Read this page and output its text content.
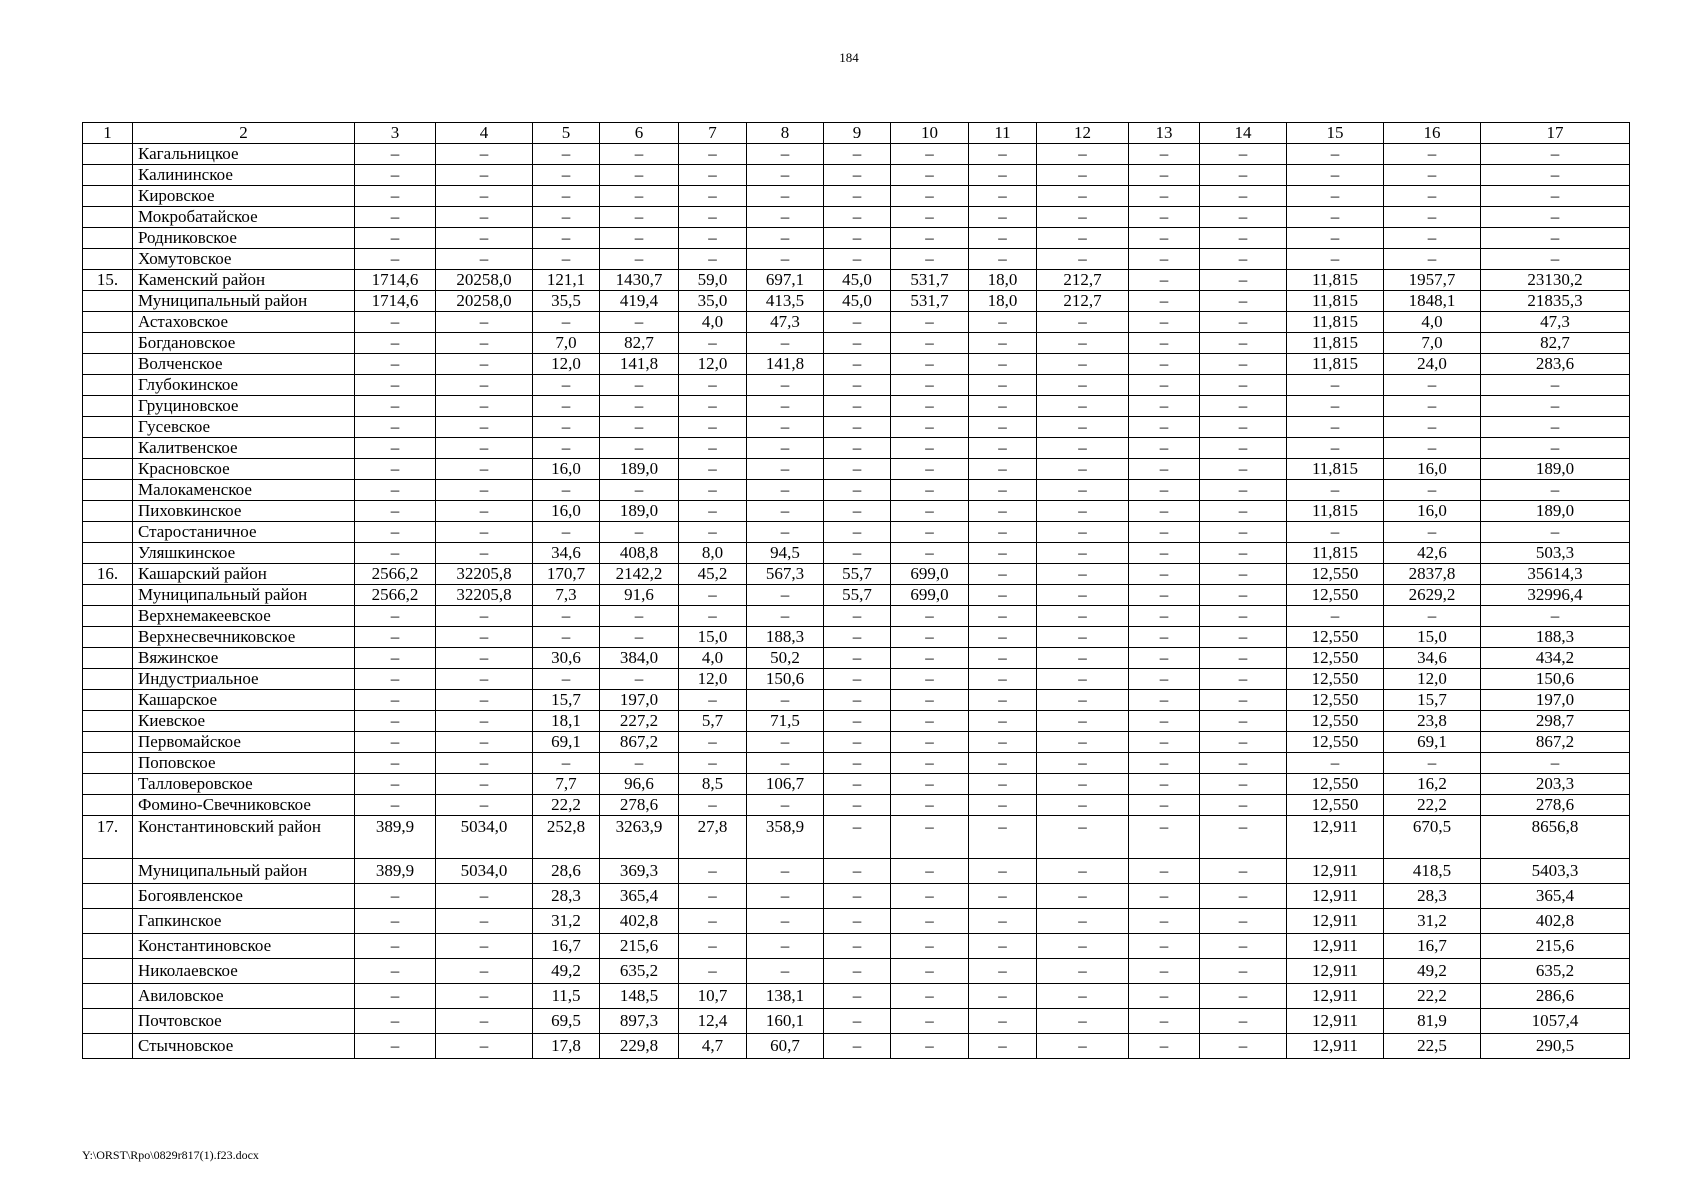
184
1	2	3	4	5	6	7	8	9	10	11	12	13	14	15	16	17
	Кагальницкое	–	–	–	–	–	–	–	–	–	–	–	–	–	–	–
	Калининское	–	–	–	–	–	–	–	–	–	–	–	–	–	–	–
	Кировское	–	–	–	–	–	–	–	–	–	–	–	–	–	–	–
	Мокробатайское	–	–	–	–	–	–	–	–	–	–	–	–	–	–	–
	Родниковское	–	–	–	–	–	–	–	–	–	–	–	–	–	–	–
	Хомутовское	–	–	–	–	–	–	–	–	–	–	–	–	–	–	–
15.	Каменский район	1714,6	20258,0	121,1	1430,7	59,0	697,1	45,0	531,7	18,0	212,7	–	–	11,815	1957,7	23130,2
	Муниципальный район	1714,6	20258,0	35,5	419,4	35,0	413,5	45,0	531,7	18,0	212,7	–	–	11,815	1848,1	21835,3
	Астаховское	–	–	–	–	4,0	47,3	–	–	–	–	–	–	11,815	4,0	47,3
	Богдановское	–	–	7,0	82,7	–	–	–	–	–	–	–	–	11,815	7,0	82,7
	Волченское	–	–	12,0	141,8	12,0	141,8	–	–	–	–	–	–	11,815	24,0	283,6
	Глубокинское	–	–	–	–	–	–	–	–	–	–	–	–	–	–	–
	Груциновское	–	–	–	–	–	–	–	–	–	–	–	–	–	–	–
	Гусевское	–	–	–	–	–	–	–	–	–	–	–	–	–	–	–
	Калитвенское	–	–	–	–	–	–	–	–	–	–	–	–	–	–	–
	Красновское	–	–	16,0	189,0	–	–	–	–	–	–	–	–	11,815	16,0	189,0
	Малокаменское	–	–	–	–	–	–	–	–	–	–	–	–	–	–	–
	Пиховкинское	–	–	16,0	189,0	–	–	–	–	–	–	–	–	11,815	16,0	189,0
	Старостаничное	–	–	–	–	–	–	–	–	–	–	–	–	–	–	–
	Уляшкинское	–	–	34,6	408,8	8,0	94,5	–	–	–	–	–	–	11,815	42,6	503,3
16.	Кашарский район	2566,2	32205,8	170,7	2142,2	45,2	567,3	55,7	699,0	–	–	–	–	12,550	2837,8	35614,3
	Муниципальный район	2566,2	32205,8	7,3	91,6	–	–	55,7	699,0	–	–	–	–	12,550	2629,2	32996,4
	Верхнемакеевское	–	–	–	–	–	–	–	–	–	–	–	–	–	–	–
	Верхнесвечниковское	–	–	–	–	15,0	188,3	–	–	–	–	–	–	12,550	15,0	188,3
	Вяжинское	–	–	30,6	384,0	4,0	50,2	–	–	–	–	–	–	12,550	34,6	434,2
	Индустриальное	–	–	–	–	12,0	150,6	–	–	–	–	–	–	12,550	12,0	150,6
	Кашарское	–	–	15,7	197,0	–	–	–	–	–	–	–	–	12,550	15,7	197,0
	Киевское	–	–	18,1	227,2	5,7	71,5	–	–	–	–	–	–	12,550	23,8	298,7
	Первомайское	–	–	69,1	867,2	–	–	–	–	–	–	–	–	12,550	69,1	867,2
	Поповское	–	–	–	–	–	–	–	–	–	–	–	–	–	–	–
	Талловеровское	–	–	7,7	96,6	8,5	106,7	–	–	–	–	–	–	12,550	16,2	203,3
	Фомино-Свечниковское	–	–	22,2	278,6	–	–	–	–	–	–	–	–	12,550	22,2	278,6
17.	Константиновский район	389,9	5034,0	252,8	3263,9	27,8	358,9	–	–	–	–	–	–	12,911	670,5	8656,8
	Муниципальный район	389,9	5034,0	28,6	369,3	–	–	–	–	–	–	–	–	12,911	418,5	5403,3
	Богоявленское	–	–	28,3	365,4	–	–	–	–	–	–	–	–	12,911	28,3	365,4
	Гапкинское	–	–	31,2	402,8	–	–	–	–	–	–	–	–	12,911	31,2	402,8
	Константиновское	–	–	16,7	215,6	–	–	–	–	–	–	–	–	12,911	16,7	215,6
	Николаевское	–	–	49,2	635,2	–	–	–	–	–	–	–	–	12,911	49,2	635,2
	Авиловское	–	–	11,5	148,5	10,7	138,1	–	–	–	–	–	–	12,911	22,2	286,6
	Почтовское	–	–	69,5	897,3	12,4	160,1	–	–	–	–	–	–	12,911	81,9	1057,4
	Стычновское	–	–	17,8	229,8	4,7	60,7	–	–	–	–	–	–	12,911	22,5	290,5
Y:\ORST\Rpo\0829r817(1).f23.docx
